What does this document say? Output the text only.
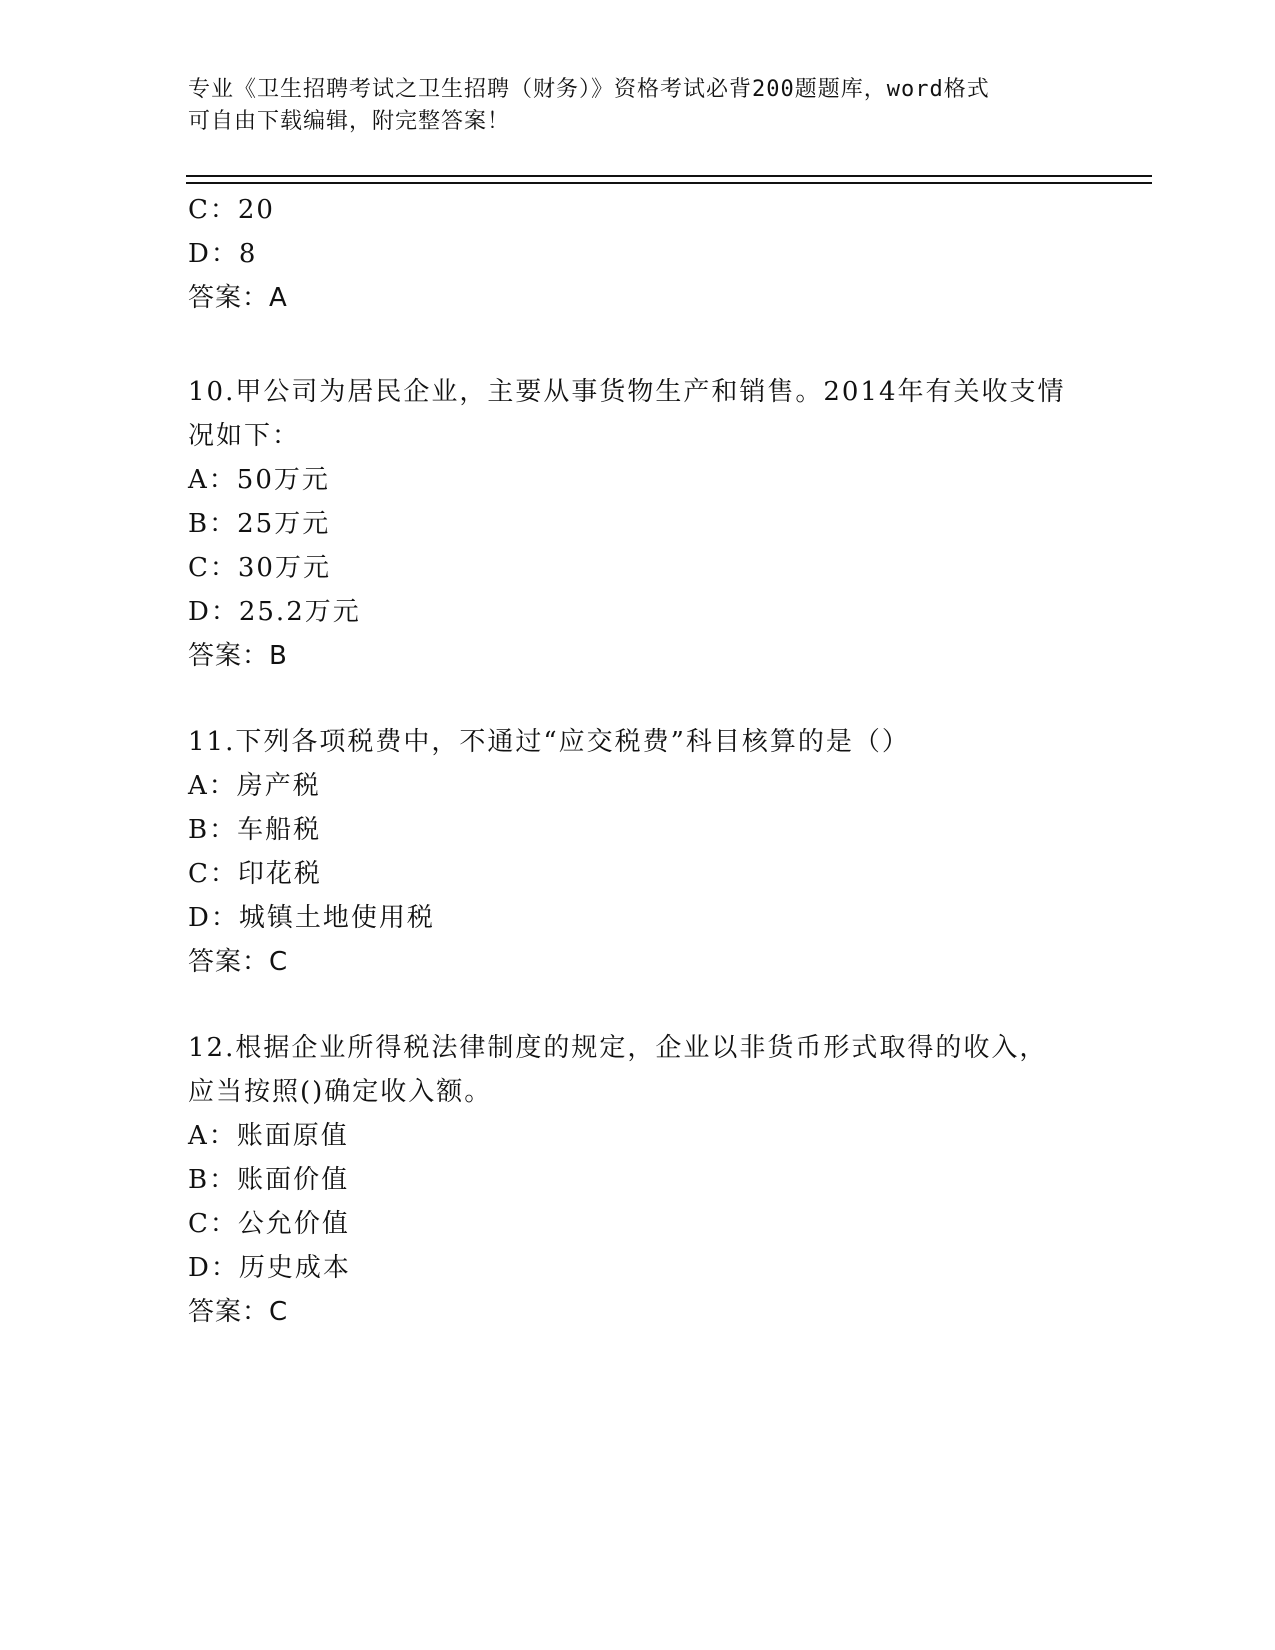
专业《卫生招聘考试之卫生招聘（财务）》资格考试必背200题题库，word格式
可自由下载编辑，附完整答案！
C：20
D：8
答案：A
10.甲公司为居民企业，主要从事货物生产和销售。2014年有关收支情
况如下：
A：50万元
B：25万元
C：30万元
D：25.2万元
答案：B
11.下列各项税费中，不通过“应交税费”科目核算的是（）
A：房产税
B：车船税
C：印花税
D：城镇土地使用税
答案：C
12.根据企业所得税法律制度的规定，企业以非货币形式取得的收入，
应当按照()确定收入额。
A：账面原值
B：账面价值
C：公允价值
D：历史成本
答案：C
